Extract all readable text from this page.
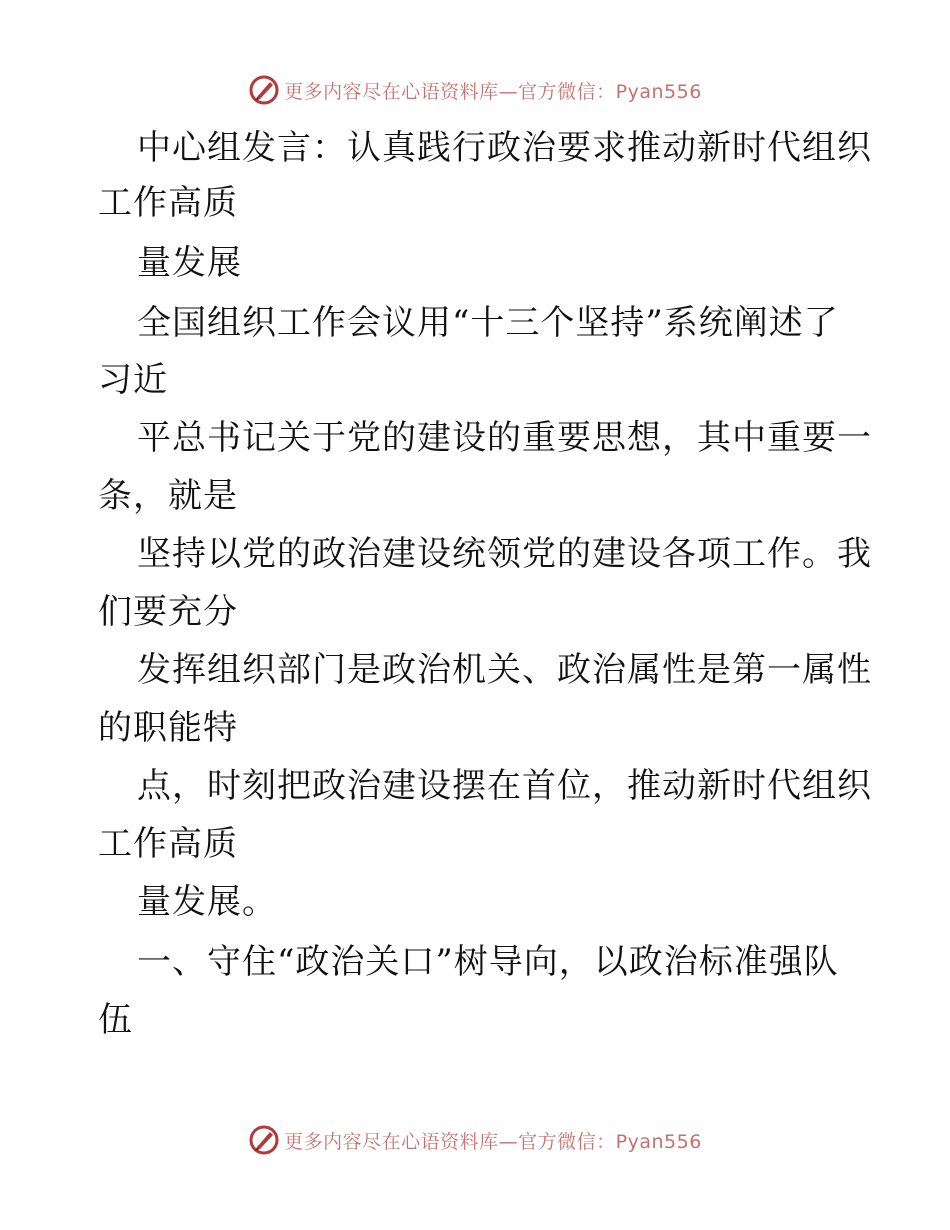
更多内容尽在心语资料库—官方微信：Pyan556
中心组发言：认真践行政治要求推动新时代组织
工作高质
量发展
全国组织工作会议用“十三个坚持”系统阐述了
习近
平总书记关于党的建设的重要思想，其中重要一
条，就是
坚持以党的政治建设统领党的建设各项工作。我
们要充分
发挥组织部门是政治机关、政治属性是第一属性
的职能特
点，时刻把政治建设摆在首位，推动新时代组织
工作高质
量发展。
一、守住“政治关口”树导向，以政治标准强队
伍
更多内容尽在心语资料库—官方微信：Pyan556
